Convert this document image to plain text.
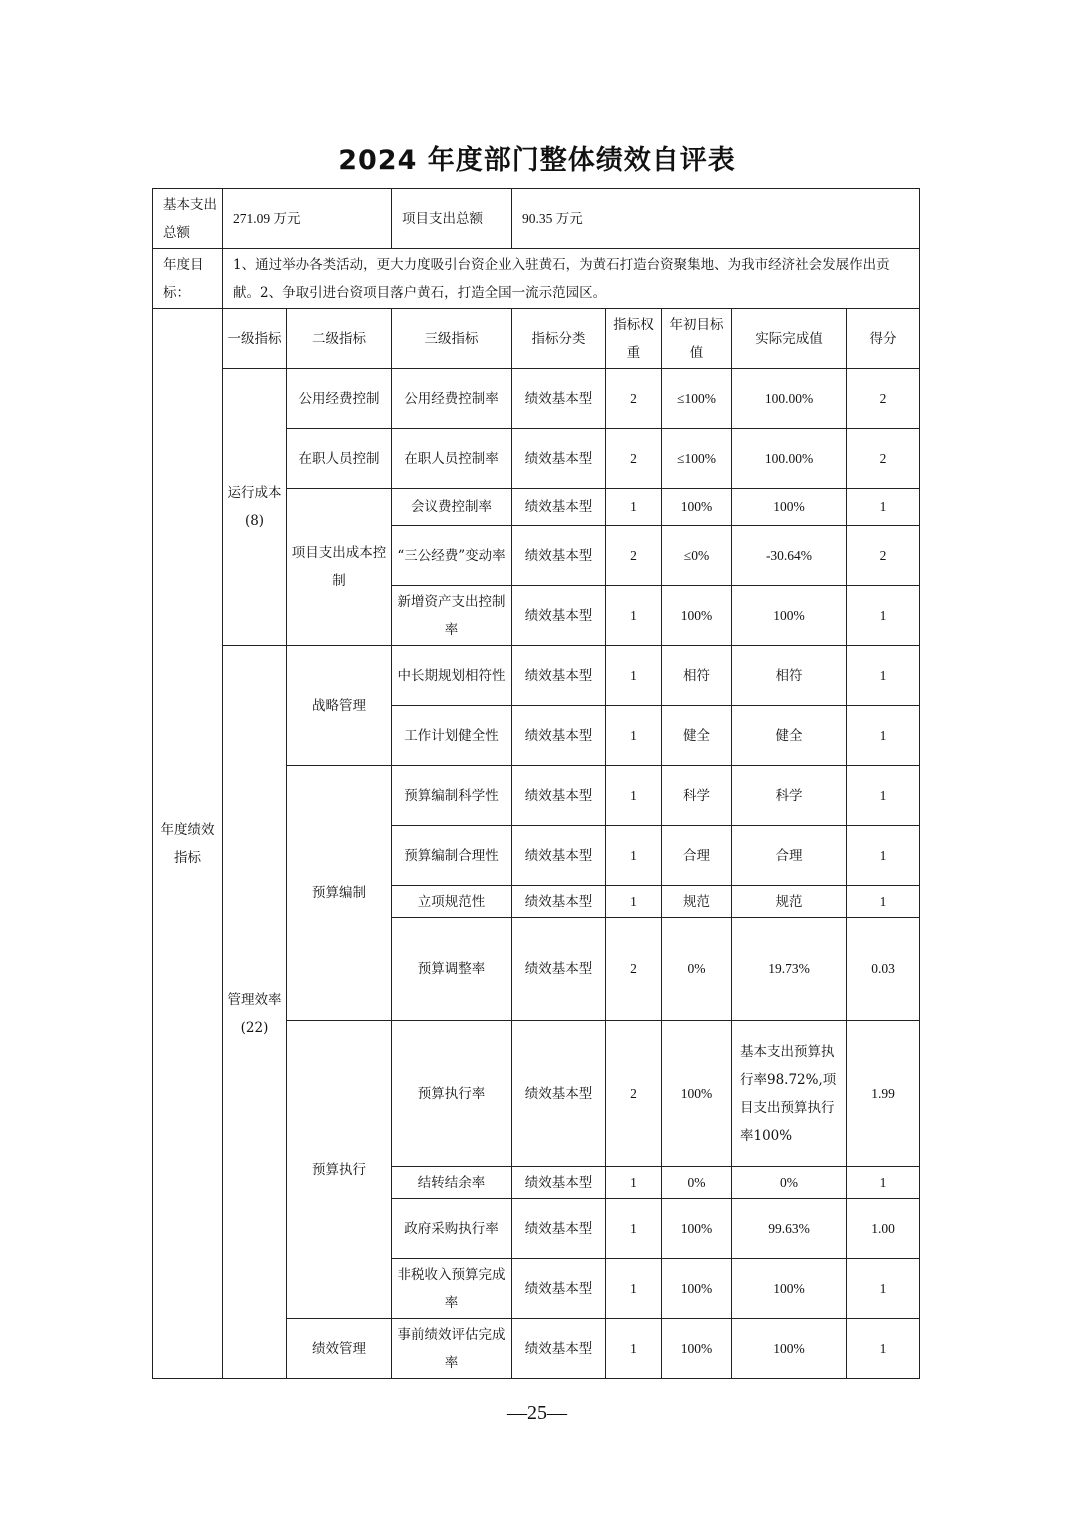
2024 年度部门整体绩效自评表
基本支出总额	271.09 万元		项目支出总额	90.35 万元				
年度目标：	1、通过举办各类活动，更大力度吸引台资企业入驻黄石，为黄石打造台资聚集地、为我市经济社会发展作出贡献。2、争取引进台资项目落户黄石，打造全国一流示范园区。							
年度绩效指标	一级指标	二级指标	三级指标	指标分类	指标权重	年初目标值	实际完成值	得分
	运行成本(8)	公用经费控制	公用经费控制率	绩效基本型	2	≤100%	100.00%	2
		在职人员控制	在职人员控制率	绩效基本型	2	≤100%	100.00%	2
		项目支出成本控制	会议费控制率	绩效基本型	1	100%	100%	1
			“三公经费”变动率	绩效基本型	2	≤0%	-30.64%	2
			新增资产支出控制率	绩效基本型	1	100%	100%	1
	管理效率(22)	战略管理	中长期规划相符性	绩效基本型	1	相符	相符	1
			工作计划健全性	绩效基本型	1	健全	健全	1
		预算编制	预算编制科学性	绩效基本型	1	科学	科学	1
			预算编制合理性	绩效基本型	1	合理	合理	1
			立项规范性	绩效基本型	1	规范	规范	1
			预算调整率	绩效基本型	2	0%	19.73%	0.03
		预算执行	预算执行率	绩效基本型	2	100%	基本支出预算执行率98.72%,项目支出预算执行率100%	1.99
			结转结余率	绩效基本型	1	0%	0%	1
			政府采购执行率	绩效基本型	1	100%	99.63%	1.00
			非税收入预算完成率	绩效基本型	1	100%	100%	1
		绩效管理	事前绩效评估完成率	绩效基本型	1	100%	100%	1
—25—
